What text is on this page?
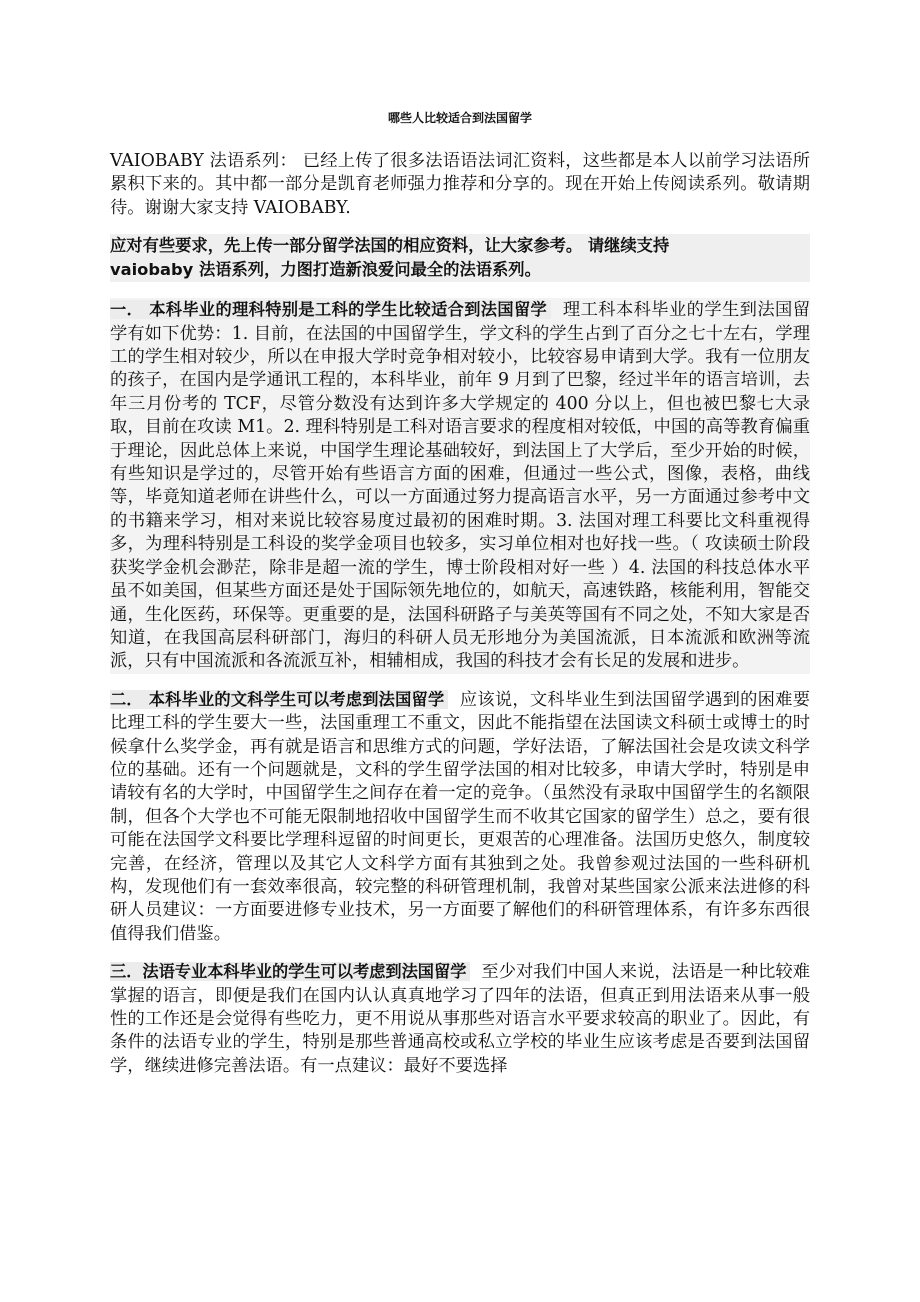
哪些人比较适合到法国留学

VAIOBABY 法语系列： 已经上传了很多法语语法词汇资料，这些都是本人以前学习法语所累积下来的。其中都一部分是凯育老师强力推荐和分享的。现在开始上传阅读系列。敬请期待。谢谢大家支持 VAIOBABY.

应对有些要求，先上传一部分留学法国的相应资料，让大家参考。 请继续支持 vaiobaby 法语系列，力图打造新浪爱问最全的法语系列。

一． 本科毕业的理科特别是工科的学生比较适合到法国留学 理工科本科毕业的学生到法国留学有如下优势：1. 目前，在法国的中国留学生，学文科的学生占到了百分之七十左右，学理工的学生相对较少，所以在申报大学时竞争相对较小，比较容易申请到大学。我有一位朋友的孩子，在国内是学通讯工程的，本科毕业，前年 9 月到了巴黎，经过半年的语言培训，去年三月份考的 TCF，尽管分数没有达到许多大学规定的 400 分以上，但也被巴黎七大录取，目前在攻读 M1。2. 理科特别是工科对语言要求的程度相对较低，中国的高等教育偏重于理论，因此总体上来说，中国学生理论基础较好，到法国上了大学后，至少开始的时候，有些知识是学过的，尽管开始有些语言方面的困难，但通过一些公式，图像，表格，曲线等，毕竟知道老师在讲些什么，可以一方面通过努力提高语言水平，另一方面通过参考中文的书籍来学习，相对来说比较容易度过最初的困难时期。3. 法国对理工科要比文科重视得多，为理科特别是工科设的奖学金项目也较多，实习单位相对也好找一些。（ 攻读硕士阶段获奖学金机会渺茫，除非是超一流的学生，博士阶段相对好一些 ）4. 法国的科技总体水平虽不如美国，但某些方面还是处于国际领先地位的，如航天，高速铁路，核能利用，智能交通，生化医药，环保等。更重要的是，法国科研路子与美英等国有不同之处，不知大家是否知道，在我国高层科研部门，海归的科研人员无形地分为美国流派，日本流派和欧洲等流派，只有中国流派和各流派互补，相辅相成，我国的科技才会有长足的发展和进步。

二． 本科毕业的文科学生可以考虑到法国留学 应该说，文科毕业生到法国留学遇到的困难要比理工科的学生要大一些，法国重理工不重文，因此不能指望在法国读文科硕士或博士的时候拿什么奖学金，再有就是语言和思维方式的问题，学好法语，了解法国社会是攻读文科学位的基础。还有一个问题就是，文科的学生留学法国的相对比较多，申请大学时，特别是申请较有名的大学时，中国留学生之间存在着一定的竞争。（虽然没有录取中国留学生的名额限制，但各个大学也不可能无限制地招收中国留学生而不收其它国家的留学生）总之，要有很可能在法国学文科要比学理科逗留的时间更长，更艰苦的心理准备。法国历史悠久，制度较完善，在经济，管理以及其它人文科学方面有其独到之处。我曾参观过法国的一些科研机构，发现他们有一套效率很高，较完整的科研管理机制，我曾对某些国家公派来法进修的科研人员建议：一方面要进修专业技术，另一方面要了解他们的科研管理体系，有许多东西很值得我们借鉴。

三．法语专业本科毕业的学生可以考虑到法国留学 至少对我们中国人来说，法语是一种比较难掌握的语言，即便是我们在国内认认真真地学习了四年的法语，但真正到用法语来从事一般性的工作还是会觉得有些吃力，更不用说从事那些对语言水平要求较高的职业了。因此，有条件的法语专业的学生，特别是那些普通高校或私立学校的毕业生应该考虑是否要到法国留学，继续进修完善法语。有一点建议：最好不要选择
